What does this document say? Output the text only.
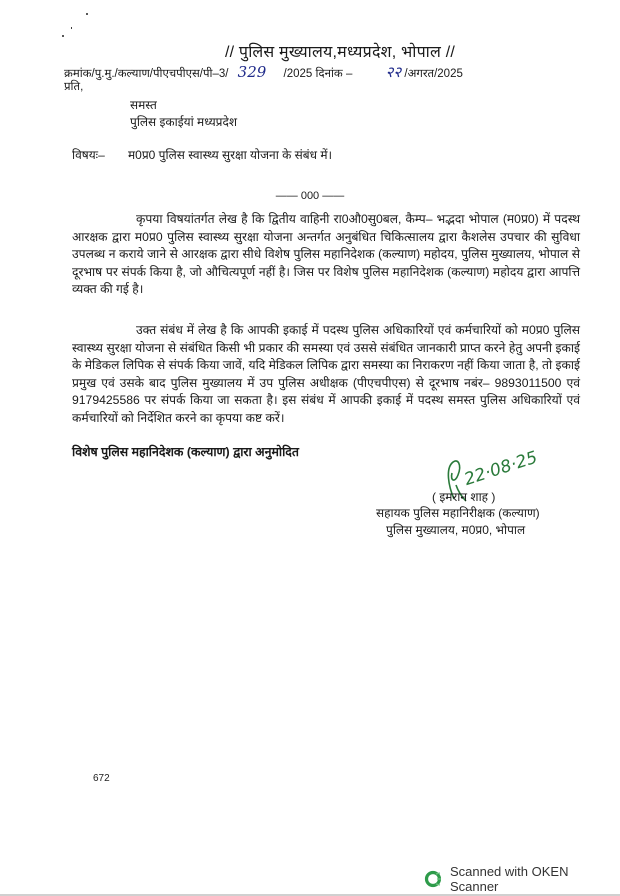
// पुलिस मुख्यालय,मध्यप्रदेश, भोपाल //
क्रमांक/पु.मु./कल्याण/पीएचपीएस/पी–3/ 329 /2025 दिनांक – २२ /अगरत/2025
प्रति,
समस्त
पुलिस इकाईयां मध्यप्रदेश
विषयः– म0प्र0 पुलिस स्वास्थ्य सुरक्षा योजना के संबंध में।
—— 000 ——
कृपया विषयांतर्गत लेख है कि द्वितीय वाहिनी रा0औ0सु0बल, कैम्प– भद्भदा भोपाल (म0प्र0) में पदस्थ आरक्षक द्वारा म0प्र0 पुलिस स्वास्थ्य सुरक्षा योजना अन्तर्गत अनुबंधित चिकित्सालय द्वारा कैशलेस उपचार की सुविधा उपलब्ध न कराये जाने से आरक्षक द्वारा सीधे विशेष पुलिस महानिदेशक (कल्याण) महोदय, पुलिस मुख्यालय, भोपाल से दूरभाष पर संपर्क किया है, जो औचित्यपूर्ण नहीं है। जिस पर विशेष पुलिस महानिदेशक (कल्याण) महोदय द्वारा आपत्ति व्यक्त की गई है।
उक्त संबंध में लेख है कि आपकी इकाई में पदस्थ पुलिस अधिकारियों एवं कर्मचारियों को म0प्र0 पुलिस स्वास्थ्य सुरक्षा योजना से संबंधित किसी भी प्रकार की समस्या एवं उससे संबंधित जानकारी प्राप्त करने हेतु अपनी इकाई के मेडिकल लिपिक से संपर्क किया जावें, यदि मेडिकल लिपिक द्वारा समस्या का निराकरण नहीं किया जाता है, तो इकाई प्रमुख एवं उसके बाद पुलिस मुख्यालय में उप पुलिस अधीक्षक (पीएचपीएस) से दूरभाष नबंर– 9893011500 एवं 9179425586 पर संपर्क किया जा सकता है। इस संबंध में आपकी इकाई में पदस्थ समस्त पुलिस अधिकारियों एवं कर्मचारियों को निर्देशित करने का कृपया कष्ट करें।
विशेष पुलिस महानिदेशक (कल्याण) द्वारा अनुमोदित	22·08·25
( इमरान शाह )
सहायक पुलिस महानिरीक्षक (कल्याण)
पुलिस मुख्यालय, म0प्र0, भोपाल
672
Scanned with OKEN Scanner
